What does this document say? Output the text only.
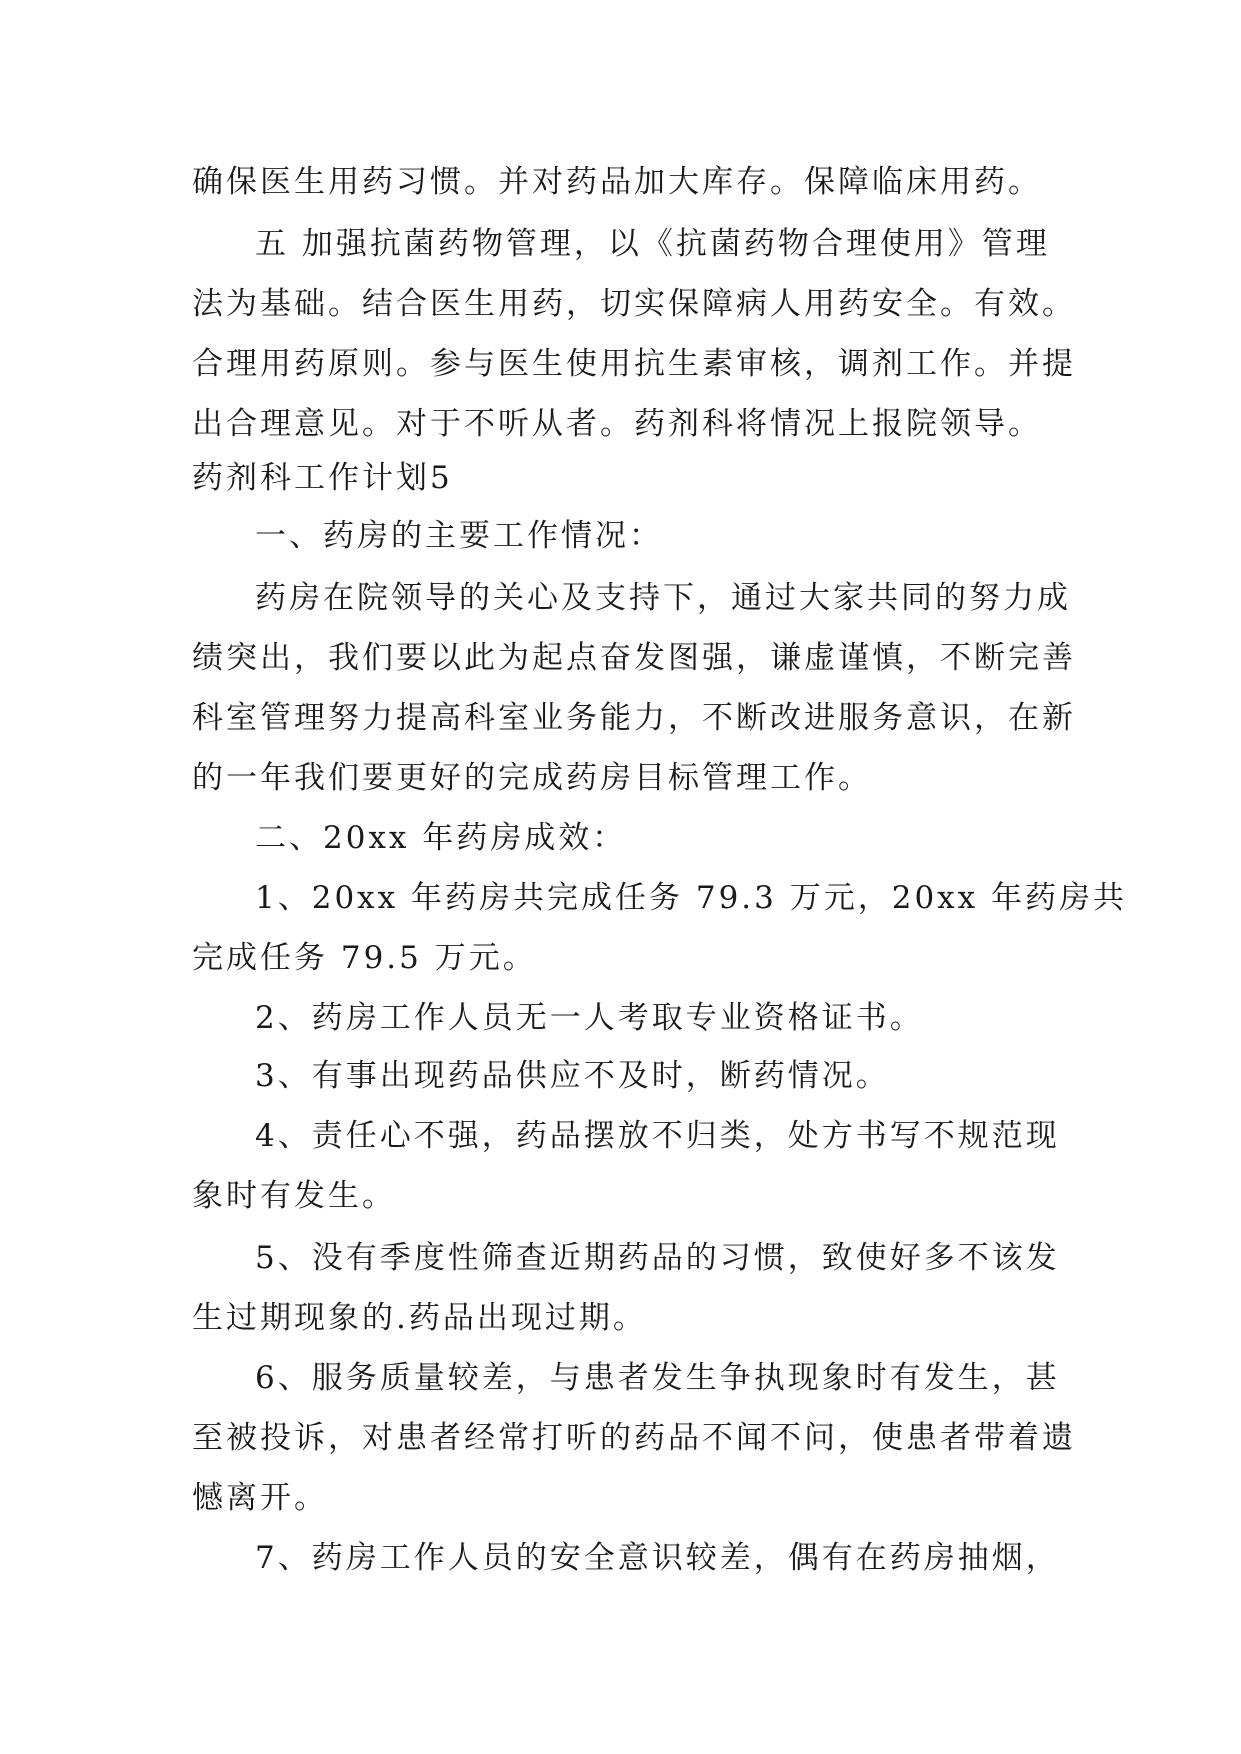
确保医生用药习惯。并对药品加大库存。保障临床用药。
五 加强抗菌药物管理，以《抗菌药物合理使用》管理
法为基础。结合医生用药，切实保障病人用药安全。有效。
合理用药原则。参与医生使用抗生素审核，调剂工作。并提
出合理意见。对于不听从者。药剂科将情况上报院领导。
药剂科工作计划5
一、药房的主要工作情况：
药房在院领导的关心及支持下，通过大家共同的努力成
绩突出，我们要以此为起点奋发图强，谦虚谨慎，不断完善
科室管理努力提高科室业务能力，不断改进服务意识，在新
的一年我们要更好的完成药房目标管理工作。
二、20xx 年药房成效：
1、20xx 年药房共完成任务 79.3 万元，20xx 年药房共
完成任务 79.5 万元。
2、药房工作人员无一人考取专业资格证书。
3、有事出现药品供应不及时，断药情况。
4、责任心不强，药品摆放不归类，处方书写不规范现
象时有发生。
5、没有季度性筛查近期药品的习惯，致使好多不该发
生过期现象的.药品出现过期。
6、服务质量较差，与患者发生争执现象时有发生，甚
至被投诉，对患者经常打听的药品不闻不问，使患者带着遗
憾离开。
7、药房工作人员的安全意识较差，偶有在药房抽烟，
